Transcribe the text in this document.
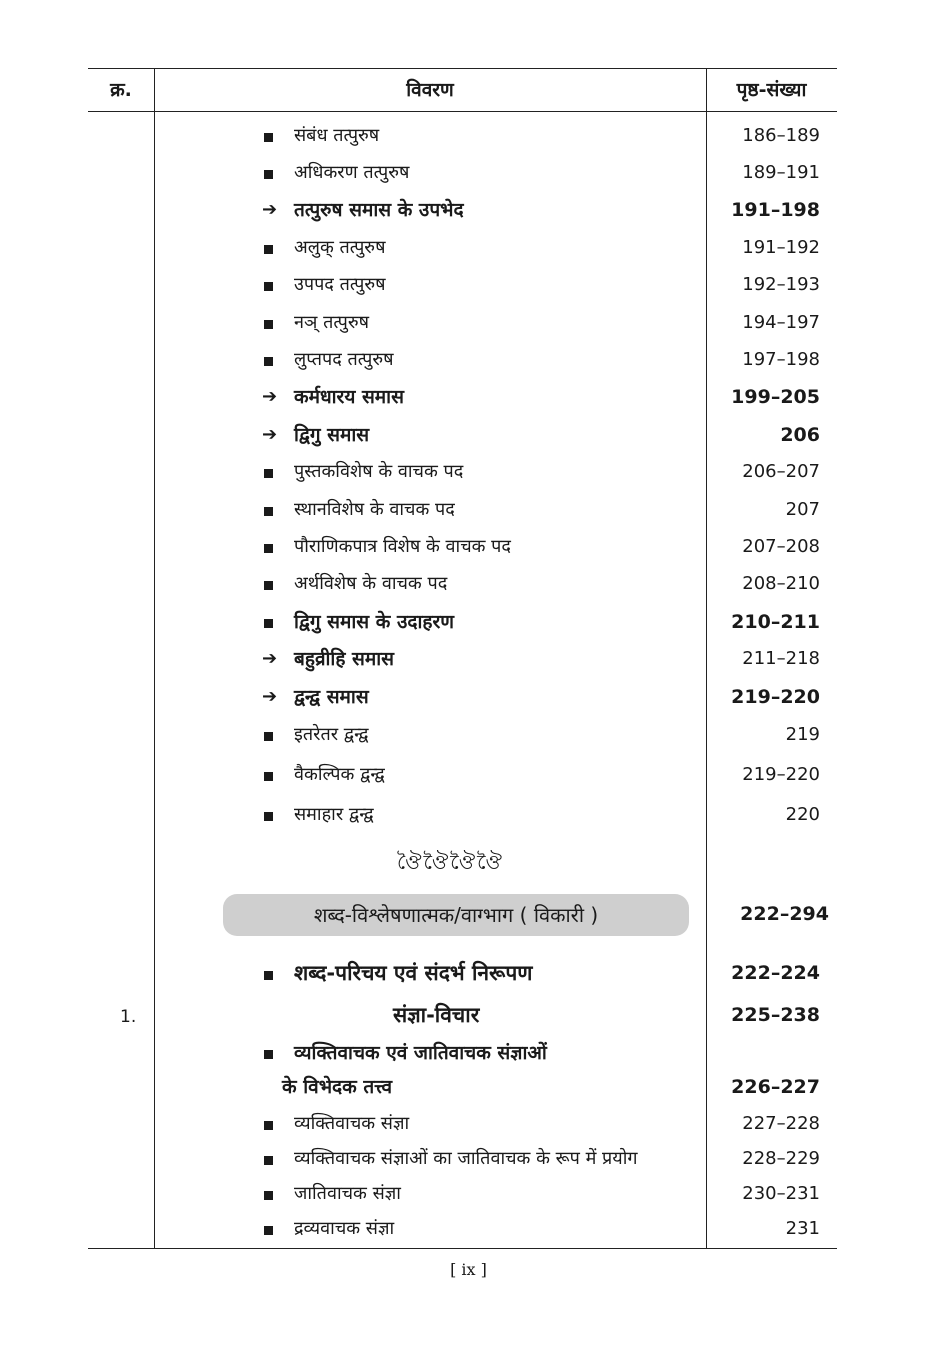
क्र.	विवरण	पृष्ठ-संख्या
संबंध तत्पुरुष	186–189
अधिकरण तत्पुरुष	189–191
➔ तत्पुरुष समास के उपभेद	191–198
अलुक् तत्पुरुष	191–192
उपपद तत्पुरुष	192–193
नञ् तत्पुरुष	194–197
लुप्तपद तत्पुरुष	197–198
➔ कर्मधारय समास	199–205
➔ द्विगु समास	206
पुस्तकविशेष के वाचक पद	206–207
स्थानविशेष के वाचक पद	207
पौराणिकपात्र विशेष के वाचक पद	207–208
अर्थविशेष के वाचक पद	208–210
द्विगु समास के उदाहरण	210–211
➔ बहुव्रीहि समास	211–218
➔ द्वन्द्व समास	219–220
इतरेतर द्वन्द्व	219
वैकल्पिक द्वन्द्व	219–220
समाहार द्वन्द्व	220
ঔৈঔৈঔৈঔৈ
शब्द-विश्लेषणात्मक/वाग्भाग ( विकारी )	222–294
शब्द-परिचय एवं संदर्भ निरूपण	222–224
1.	संज्ञा-विचार	225–238
व्यक्तिवाचक एवं जातिवाचक संज्ञाओं
के विभेदक तत्त्व	226–227
व्यक्तिवाचक संज्ञा	227–228
व्यक्तिवाचक संज्ञाओं का जातिवाचक के रूप में प्रयोग	228–229
जातिवाचक संज्ञा	230–231
द्रव्यवाचक संज्ञा	231
[ ix ]
